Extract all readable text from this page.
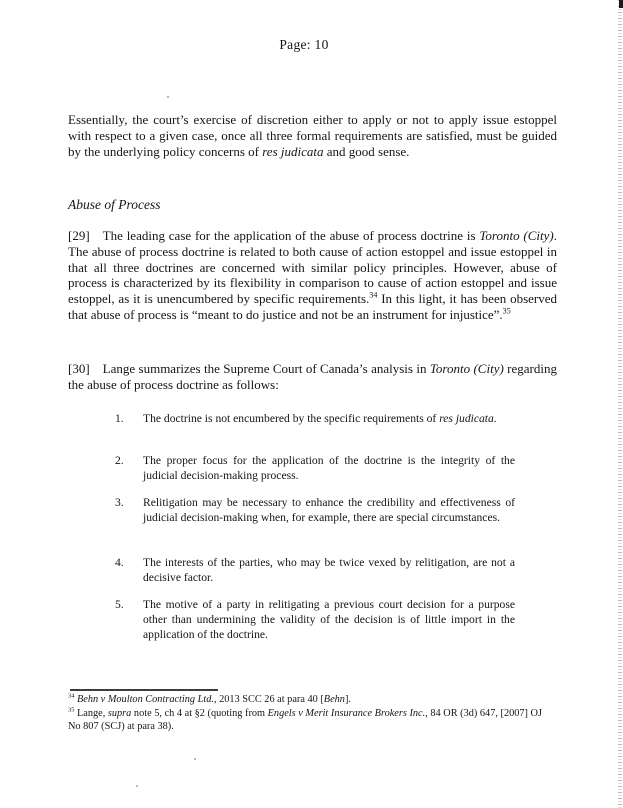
Page: 10
Essentially, the court’s exercise of discretion either to apply or not to apply issue estoppel with respect to a given case, once all three formal requirements are satisfied, must be guided by the underlying policy concerns of res judicata and good sense.
Abuse of Process
[29] The leading case for the application of the abuse of process doctrine is Toronto (City). The abuse of process doctrine is related to both cause of action estoppel and issue estoppel in that all three doctrines are concerned with similar policy principles. However, abuse of process is characterized by its flexibility in comparison to cause of action estoppel and issue estoppel, as it is unencumbered by specific requirements.$^{34}$ In this light, it has been observed that abuse of process is “meant to do justice and not be an instrument for injustice”.$^{35}$
[30] Lange summarizes the Supreme Court of Canada’s analysis in Toronto (City) regarding the abuse of process doctrine as follows:
1.	The doctrine is not encumbered by the specific requirements of res judicata.
2.	The proper focus for the application of the doctrine is the integrity of the judicial decision-making process.
3.	Relitigation may be necessary to enhance the credibility and effectiveness of judicial decision-making when, for example, there are special circumstances.
4.	The interests of the parties, who may be twice vexed by relitigation, are not a decisive factor.
5.	The motive of a party in relitigating a previous court decision for a purpose other than undermining the validity of the decision is of little import in the application of the doctrine.
$^{34}$ Behn v Moulton Contracting Ltd., 2013 SCC 26 at para 40 [Behn].
$^{35}$ Lange, supra note 5, ch 4 at §2 (quoting from Engels v Merit Insurance Brokers Inc., 84 OR (3d) 647, [2007] OJ No 807 (SCJ) at para 38).
